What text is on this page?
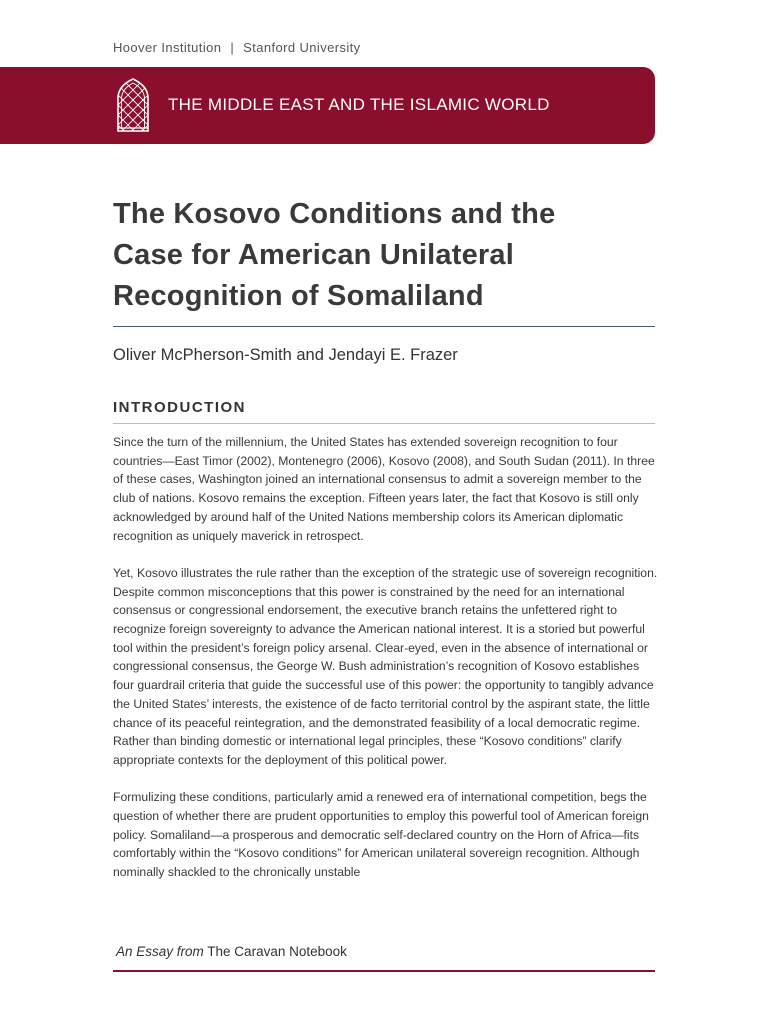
Hoover Institution | Stanford University
THE MIDDLE EAST AND THE ISLAMIC WORLD
The Kosovo Conditions and the
Case for American Unilateral
Recognition of Somaliland
Oliver McPherson-Smith and Jendayi E. Frazer
INTRODUCTION

Since the turn of the millennium, the United States has extended sovereign recognition to four countries—East Timor (2002), Montenegro (2006), Kosovo (2008), and South Sudan (2011). In three of these cases, Washington joined an international consensus to admit a sovereign member to the club of nations. Kosovo remains the exception. Fifteen years later, the fact that Kosovo is still only acknowledged by around half of the United Nations membership colors its American diplomatic recognition as uniquely maverick in retrospect.

Yet, Kosovo illustrates the rule rather than the exception of the strategic use of sovereign recognition. Despite common misconceptions that this power is constrained by the need for an international consensus or congressional endorsement, the executive branch retains the unfettered right to recognize foreign sovereignty to advance the American national interest. It is a storied but powerful tool within the president’s foreign policy arsenal. Clear-eyed, even in the absence of international or congressional consensus, the George W. Bush administration’s recognition of Kosovo establishes four guardrail criteria that guide the successful use of this power: the opportunity to tangibly advance the United States’ interests, the existence of de facto territorial control by the aspirant state, the little chance of its peaceful reintegration, and the demonstrated feasibility of a local democratic regime. Rather than binding domestic or international legal principles, these “Kosovo conditions” clarify appropriate contexts for the deployment of this political power.

Formulizing these conditions, particularly amid a renewed era of international competition, begs the question of whether there are prudent opportunities to employ this powerful tool of American foreign policy. Somaliland—a prosperous and democratic self-declared country on the Horn of Africa—fits comfortably within the “Kosovo conditions” for American unilateral sovereign recognition. Although nominally shackled to the chronically unstable

An Essay from The Caravan Notebook
